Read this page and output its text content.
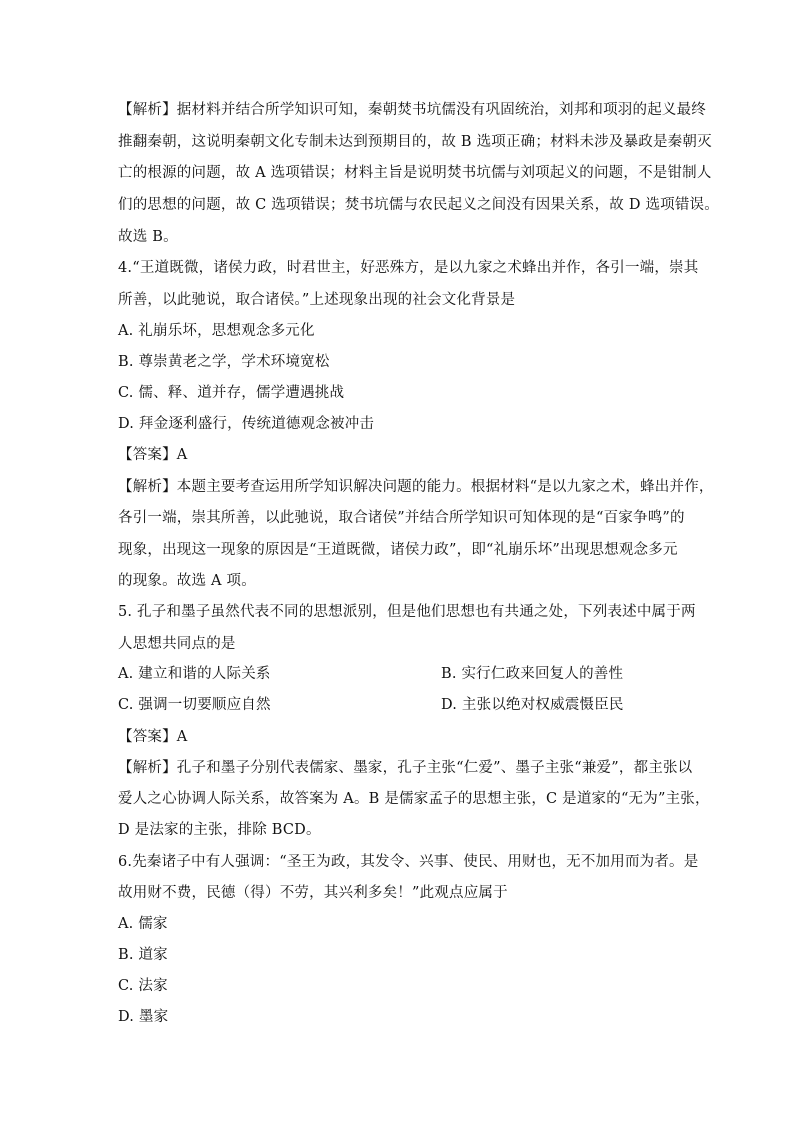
【解析】据材料并结合所学知识可知，秦朝焚书坑儒没有巩固统治，刘邦和项羽的起义最终
推翻秦朝，这说明秦朝文化专制未达到预期目的，故 B 选项正确；材料未涉及暴政是秦朝灭
亡的根源的问题，故 A 选项错误；材料主旨是说明焚书坑儒与刘项起义的问题，不是钳制人
们的思想的问题，故 C 选项错误；焚书坑儒与农民起义之间没有因果关系，故 D 选项错误。
故选 B。
4.“王道既微，诸侯力政，时君世主，好恶殊方，是以九家之术蜂出并作，各引一端，崇其
所善，以此驰说，取合诸侯。”上述现象出现的社会文化背景是
A. 礼崩乐坏，思想观念多元化
B. 尊崇黄老之学，学术环境宽松
C. 儒、释、道并存，儒学遭遇挑战
D. 拜金逐利盛行，传统道德观念被冲击
【答案】A
【解析】本题主要考查运用所学知识解决问题的能力。根据材料“是以九家之术，蜂出并作，
各引一端，崇其所善，以此驰说，取合诸侯”并结合所学知识可知体现的是“百家争鸣”的
现象，出现这一现象的原因是“王道既微，诸侯力政”，即“礼崩乐坏”出现思想观念多元
的现象。故选 A 项。
5. 孔子和墨子虽然代表不同的思想派别，但是他们思想也有共通之处，下列表述中属于两
人思想共同点的是
A. 建立和谐的人际关系	B. 实行仁政来回复人的善性
C. 强调一切要顺应自然	D. 主张以绝对权威震慑臣民
【答案】A
【解析】孔子和墨子分别代表儒家、墨家，孔子主张“仁爱”、墨子主张“兼爱”，都主张以
爱人之心协调人际关系，故答案为 A。B 是儒家孟子的思想主张，C 是道家的“无为”主张，
D 是法家的主张，排除 BCD。
6.先秦诸子中有人强调：“圣王为政，其发令、兴事、使民、用财也，无不加用而为者。是
故用财不费，民德（得）不劳，其兴利多矣！”此观点应属于
A. 儒家
B. 道家
C. 法家
D. 墨家
